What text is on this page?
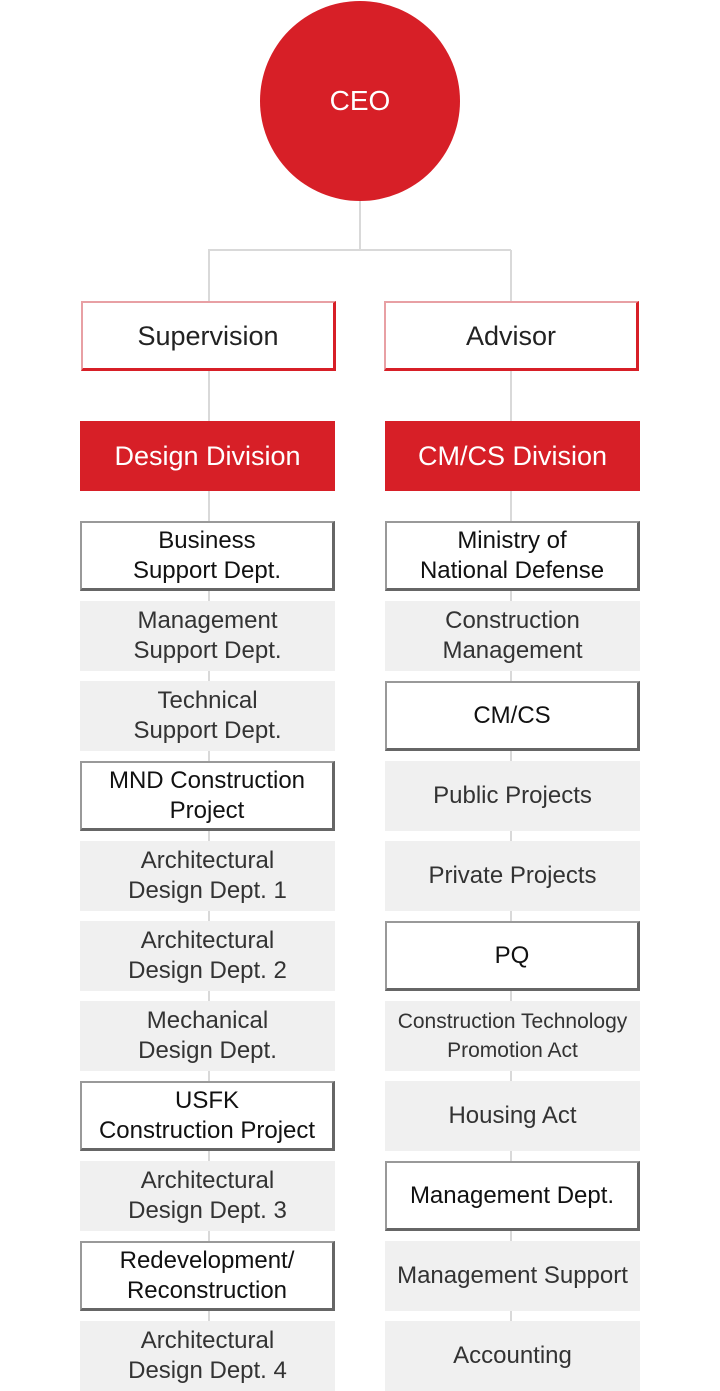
CEO
Supervision	Advisor
Design Division	CM/CS Division
Business
Support Dept.
Management
Support Dept.
Technical
Support Dept.
MND Construction
Project
Architectural
Design Dept. 1
Architectural
Design Dept. 2
Mechanical
Design Dept.
USFK
Construction Project
Architectural
Design Dept. 3
Redevelopment/
Reconstruction
Architectural
Design Dept. 4
Ministry of
National Defense
Construction
Management
CM/CS
Public Projects
Private Projects
PQ
Construction Technology
Promotion Act
Housing Act
Management Dept.
Management Support
Accounting
